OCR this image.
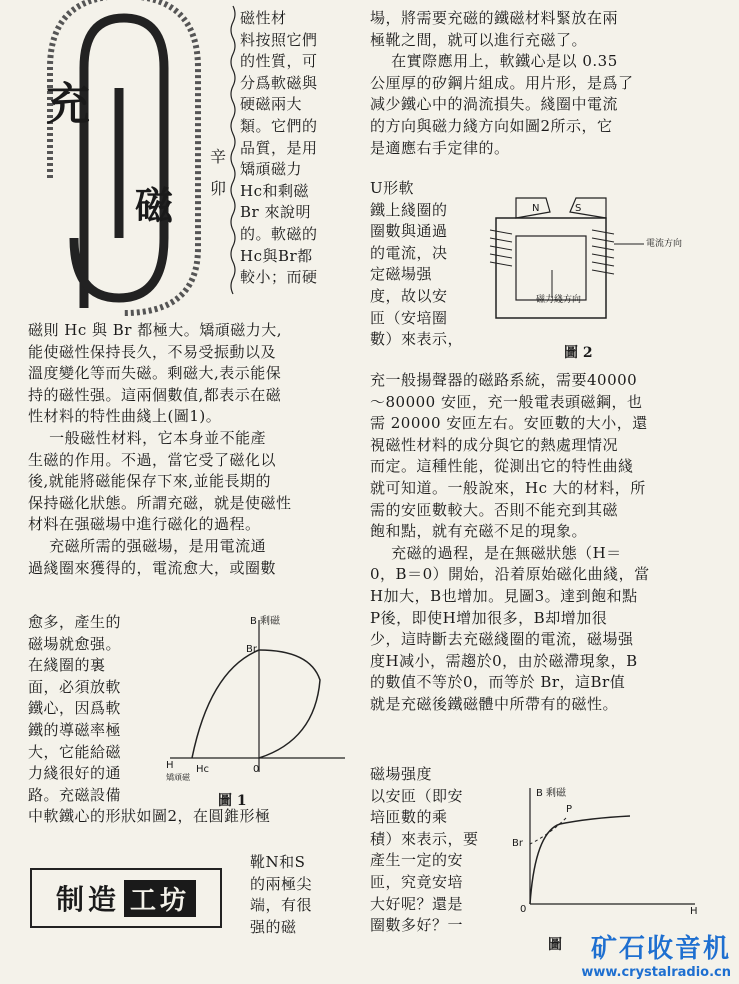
充
磁
辛
卯
磁性材
料按照它們
的性質，可
分爲軟磁與
硬磁兩大
類。它們的
品質，是用
矯頑磁力
Hc和剩磁
Br 來說明
的。軟磁的
Hc與Br都
較小；而硬
磁則 Hc 與 Br 都極大。矯頑磁力大,
能使磁性保持長久，不易受振動以及
溫度變化等而失磁。剩磁大,表示能保
持的磁性强。這兩個數值,都表示在磁
性材料的特性曲綫上(圖1)。
一般磁性材料，它本身並不能產
生磁的作用。不過，當它受了磁化以
後,就能將磁能保存下來,並能長期的
保持磁化狀態。所謂充磁，就是使磁性
材料在强磁場中進行磁化的過程。
充磁所需的强磁場，是用電流通
過綫圈來獲得的，電流愈大，或圈數
愈多，產生的
磁場就愈强。
在綫圈的裏
面，必須放軟
鐵心，因爲軟
鐵的導磁率極
大，它能給磁
力綫很好的通
路。充磁設備
中軟鐵心的形狀如圖2，在圓錐形極
靴N和S
的兩極尖
端，有很
强的磁
B 剩磁
Br
H
矯頑磁
Hc	0
圖 1
場，將需要充磁的鐵磁材料緊放在兩
極靴之間，就可以進行充磁了。
在實際應用上，軟鐵心是以 0.35
公厘厚的矽鋼片組成。用片形，是爲了
减少鐵心中的渦流損失。綫圈中電流
的方向與磁力綫方向如圖2所示，它
是適應右手定律的。
U形軟
鐵上綫圈的
圈數與通過
的電流，决
定磁場强
度，故以安
匝（安培圈
數）來表示，
S
N
電流方向
磁力綫方向
圖 2
充一般揚聲器的磁路系統，需要40000
～80000 安匝，充一般電表頭磁鋼，也
需 20000 安匝左右。安匝數的大小，還
視磁性材料的成分與它的熱處理情况
而定。這種性能，從測出它的特性曲綫
就可知道。一般說來，Hc 大的材料，所
需的安匝數較大。否則不能充到其磁
飽和點，就有充磁不足的現象。
充磁的過程，是在無磁狀態（H＝
0，B＝0）開始，沿着原始磁化曲綫，當
H加大，B也增加。見圖3。達到飽和點
P後，即使H增加很多，B却增加很
少，這時斷去充磁綫圈的電流，磁場强
度H减小，需趨於0，由於磁滯現象，B
的數值不等於0，而等於 Br，這Br值
就是充磁後鐵磁體中所帶有的磁性。
磁場强度
以安匝（即安
培匝數的乘
積）來表示，要
產生一定的安
匝，究竟安培
大好呢？還是
圈數多好？一
B 剩磁
P
Br
0	H
圖
制造 工坊
矿石收音机
www.crystalradio.cn
